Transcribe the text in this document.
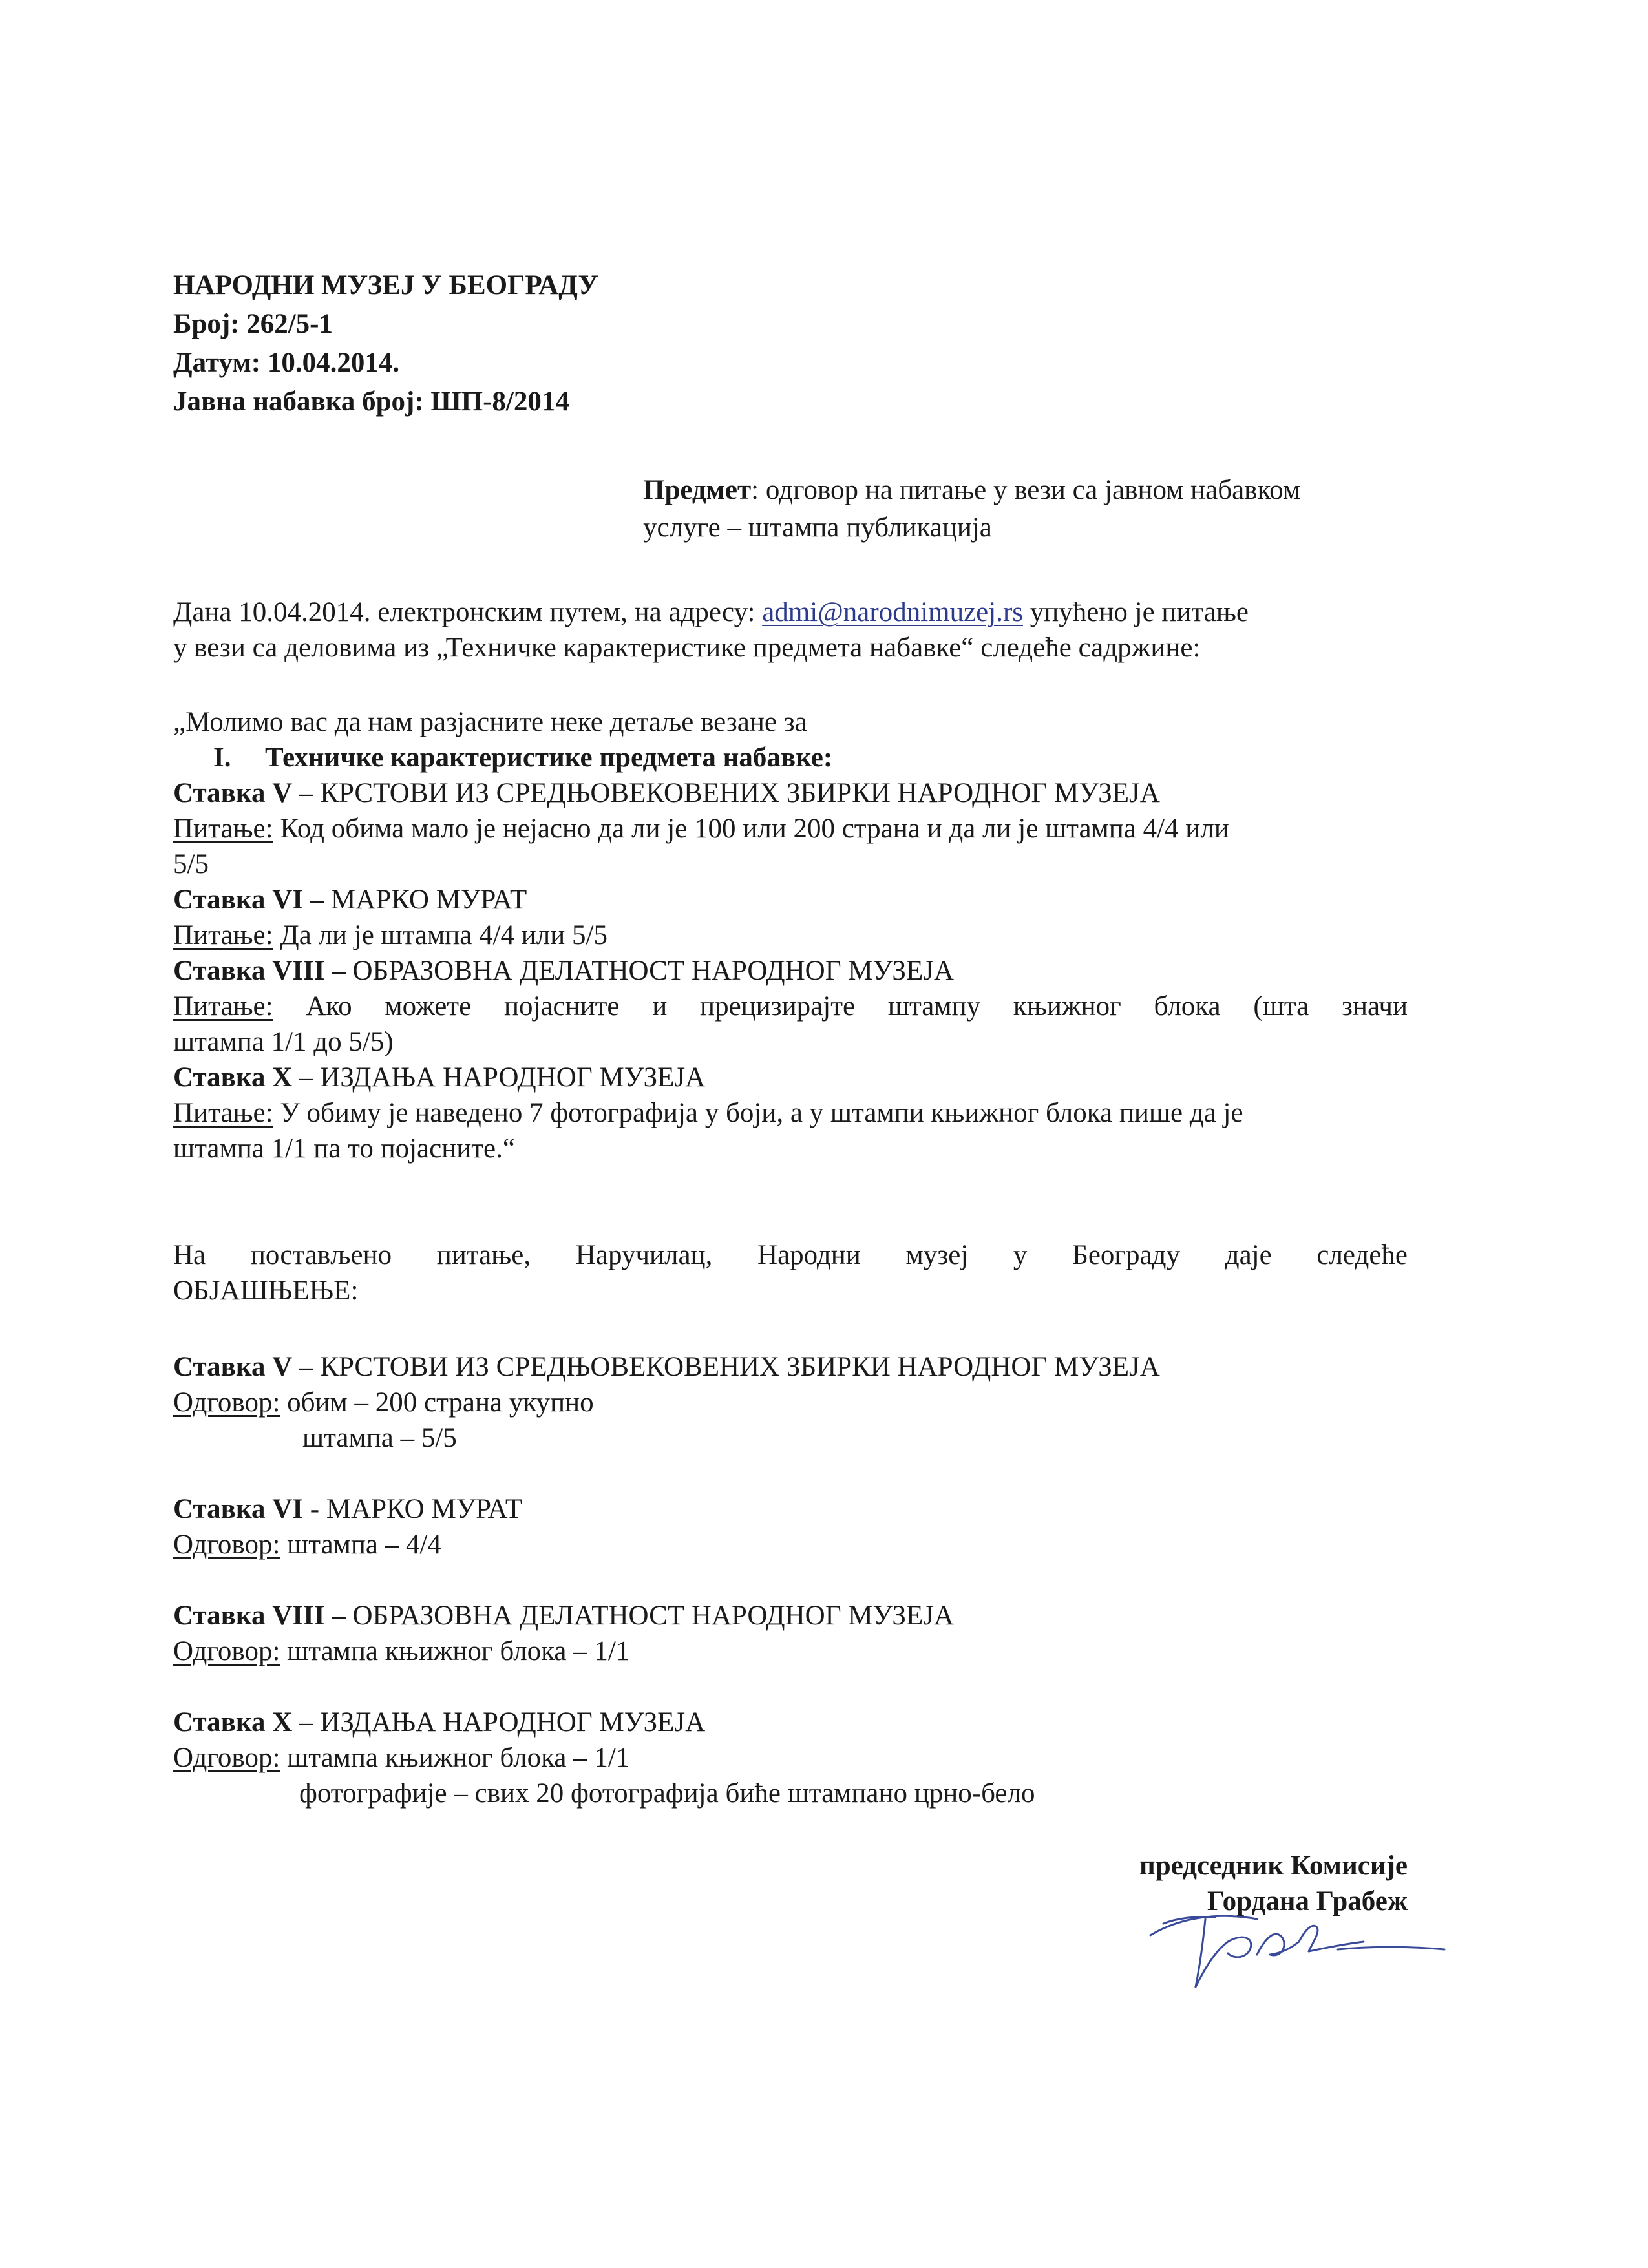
НАРОДНИ МУЗЕЈ У БЕОГРАДУ
Број: 262/5-1
Датум: 10.04.2014.
Јавна набавка број: ШП-8/2014
Предмет: одговор на питање у вези са јавном набавком
услуге – штампа публикација
Дана 10.04.2014. електронским путем, на адресу: admi@narodnimuzej.rs упућено је питање
у вези са деловима из „Техничке карактеристике предмета набавке“ следеће садржине:
„Молимо вас да нам разјасните неке детаље везане за
I. Техничке карактеристике предмета набавке:
Ставка V – КРСТОВИ ИЗ СРЕДЊОВЕКОВЕНИХ ЗБИРКИ НАРОДНОГ МУЗЕЈА
Питање: Код обима мало је нејасно да ли је 100 или 200 страна и да ли је штампа 4/4 или
5/5
Ставка VI – МАРКО МУРАТ
Питање: Да ли је штампа 4/4 или 5/5
Ставка VIII – ОБРАЗОВНА ДЕЛАТНОСТ НАРОДНОГ МУЗЕЈА
Питање: Ако можете појасните и прецизирајте штампу књижног блока (шта значи
штампа 1/1 до 5/5)
Ставка X – ИЗДАЊА НАРОДНОГ МУЗЕЈА
Питање: У обиму је наведено 7 фотографија у боји, а у штампи књижног блока пише да је
штампа 1/1 па то појасните.“
На постављено питање, Наручилац, Народни музеј у Београду даје следеће
ОБЈАШЊЕЊЕ:
Ставка V – КРСТОВИ ИЗ СРЕДЊОВЕКОВЕНИХ ЗБИРКИ НАРОДНОГ МУЗЕЈА
Одговор: обим – 200 страна укупно
штампа – 5/5
Ставка VI - МАРКО МУРАТ
Одговор: штампа – 4/4
Ставка VIII – ОБРАЗОВНА ДЕЛАТНОСТ НАРОДНОГ МУЗЕЈА
Одговор: штампа књижног блока – 1/1
Ставка X – ИЗДАЊА НАРОДНОГ МУЗЕЈА
Одговор: штампа књижног блока – 1/1
фотографије – свих 20 фотографија биће штампано црно-бело
председник Комисије
Гордана Грабеж
